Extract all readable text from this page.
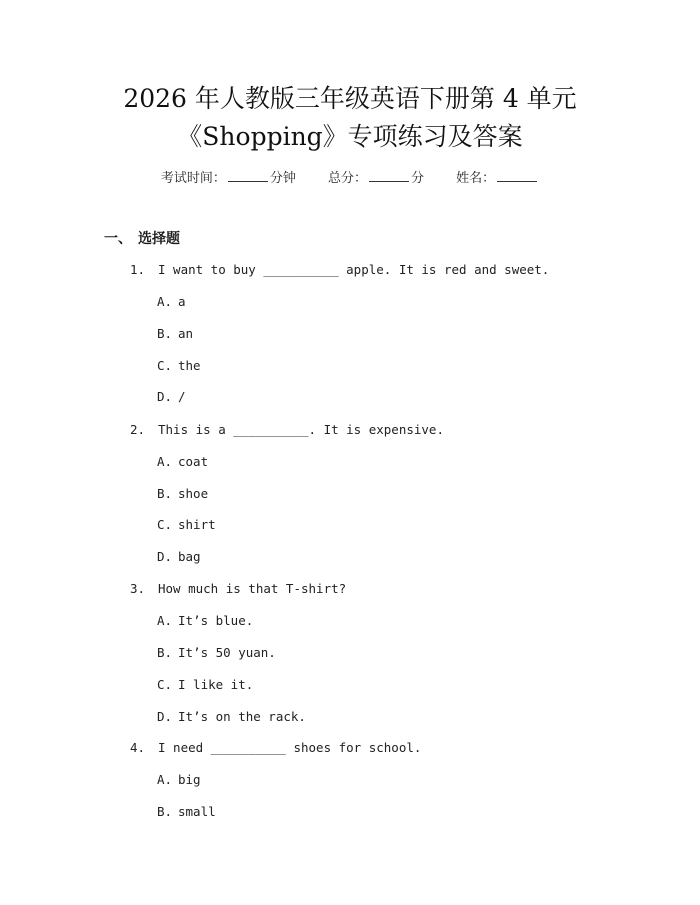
2026 年人教版三年级英语下册第 4 单元
《Shopping》专项练习及答案
考试时间：	分钟 总分：	分 姓名：
一、 选择题
1. I want to buy __________ apple. It is red and sweet.
A. a
B. an
C. the
D. /
2. This is a __________. It is expensive.
A. coat
B. shoe
C. shirt
D. bag
3. How much is that T-shirt?
A. It’s blue.
B. It’s 50 yuan.
C. I like it.
D. It’s on the rack.
4. I need __________ shoes for school.
A. big
B. small
